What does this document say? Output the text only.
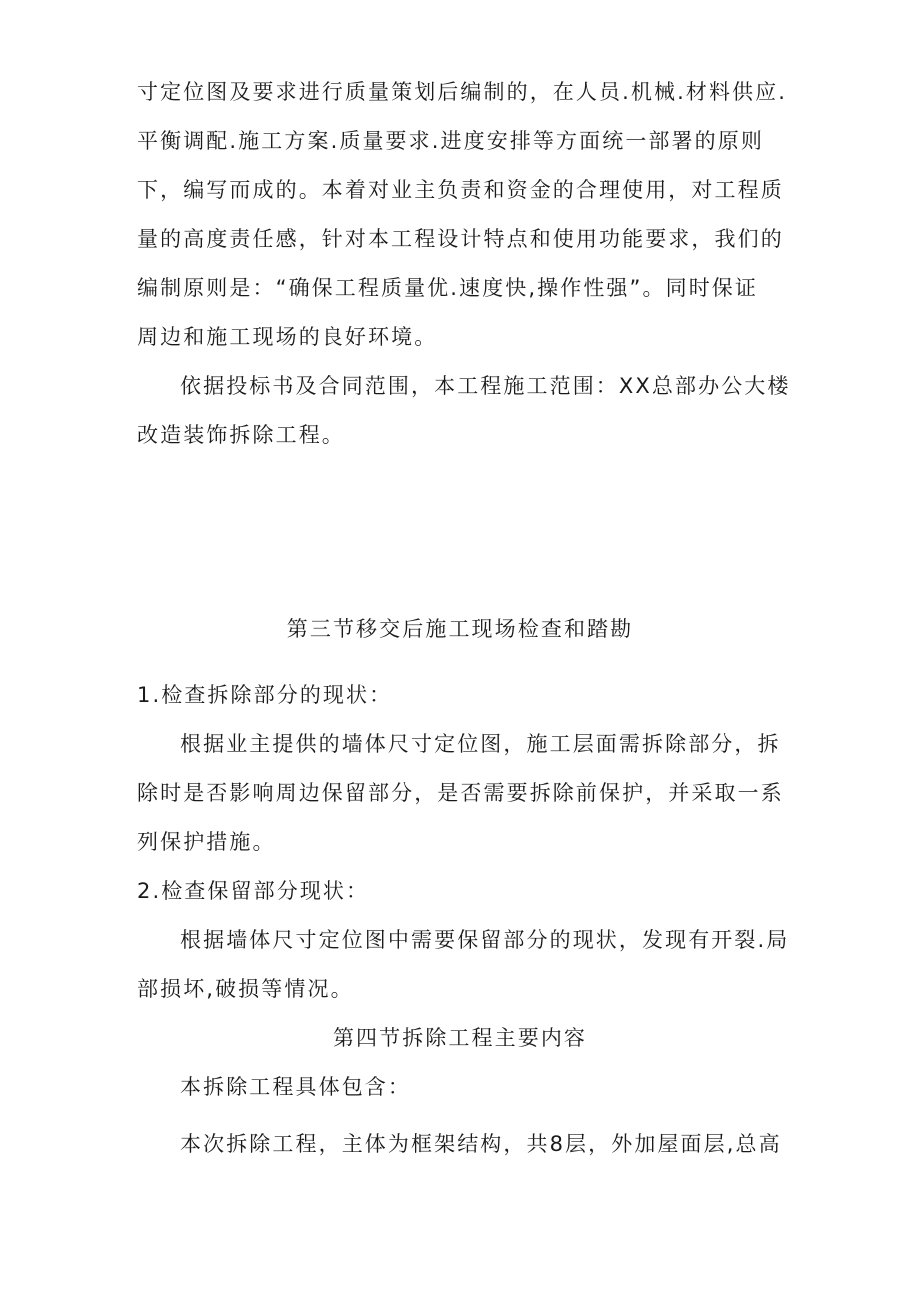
寸定位图及要求进行质量策划后编制的，在人员.机械.材料供应.
平衡调配.施工方案.质量要求.进度安排等方面统一部署的原则
下，编写而成的。本着对业主负责和资金的合理使用，对工程质
量的高度责任感，针对本工程设计特点和使用功能要求，我们的
编制原则是：“确保工程质量优.速度快,操作性强”。同时保证
周边和施工现场的良好环境。
依据投标书及合同范围，本工程施工范围：XX总部办公大楼
改造装饰拆除工程。
第三节移交后施工现场检查和踏勘
1.检查拆除部分的现状：
根据业主提供的墙体尺寸定位图，施工层面需拆除部分，拆
除时是否影响周边保留部分，是否需要拆除前保护，并采取一系
列保护措施。
2.检查保留部分现状：
根据墙体尺寸定位图中需要保留部分的现状，发现有开裂.局
部损坏,破损等情况。
第四节拆除工程主要内容
本拆除工程具体包含：
本次拆除工程，主体为框架结构，共8层，外加屋面层,总高
